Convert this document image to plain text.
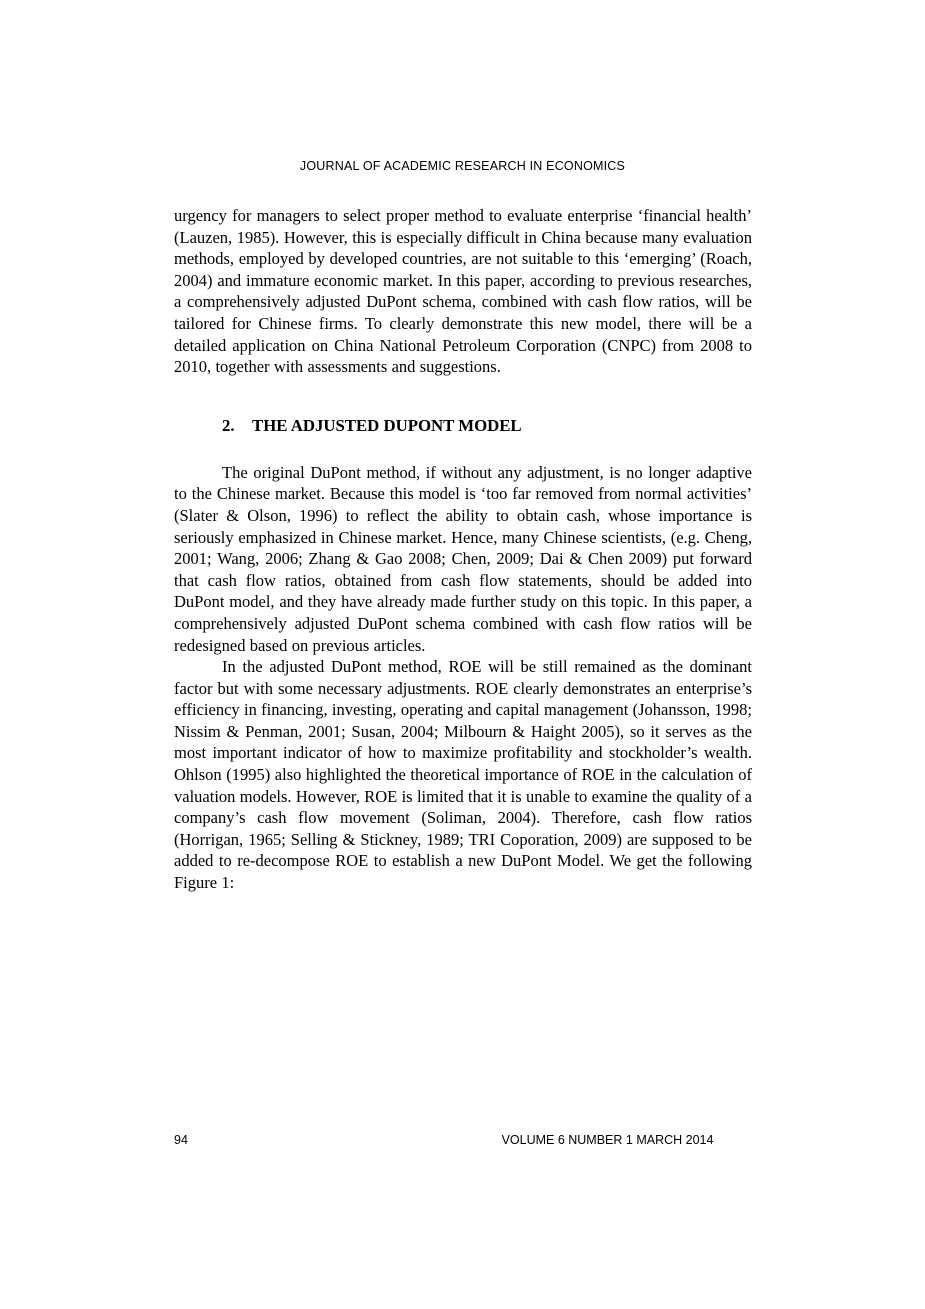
JOURNAL OF ACADEMIC RESEARCH IN ECONOMICS

urgency for managers to select proper method to evaluate enterprise ‘financial health’ (Lauzen, 1985). However, this is especially difficult in China because many evaluation methods, employed by developed countries, are not suitable to this ‘emerging’ (Roach, 2004) and immature economic market. In this paper, according to previous researches, a comprehensively adjusted DuPont schema, combined with cash flow ratios, will be tailored for Chinese firms. To clearly demonstrate this new model, there will be a detailed application on China National Petroleum Corporation (CNPC) from 2008 to 2010, together with assessments and suggestions.

2. THE ADJUSTED DUPONT MODEL

The original DuPont method, if without any adjustment, is no longer adaptive to the Chinese market. Because this model is ‘too far removed from normal activities’ (Slater & Olson, 1996) to reflect the ability to obtain cash, whose importance is seriously emphasized in Chinese market. Hence, many Chinese scientists, (e.g. Cheng, 2001; Wang, 2006; Zhang & Gao 2008; Chen, 2009; Dai & Chen 2009) put forward that cash flow ratios, obtained from cash flow statements, should be added into DuPont model, and they have already made further study on this topic. In this paper, a comprehensively adjusted DuPont schema combined with cash flow ratios will be redesigned based on previous articles.

In the adjusted DuPont method, ROE will be still remained as the dominant factor but with some necessary adjustments. ROE clearly demonstrates an enterprise’s efficiency in financing, investing, operating and capital management (Johansson, 1998; Nissim & Penman, 2001; Susan, 2004; Milbourn & Haight 2005), so it serves as the most important indicator of how to maximize profitability and stockholder’s wealth. Ohlson (1995) also highlighted the theoretical importance of ROE in the calculation of valuation models. However, ROE is limited that it is unable to examine the quality of a company’s cash flow movement (Soliman, 2004). Therefore, cash flow ratios (Horrigan, 1965; Selling & Stickney, 1989; TRI Coporation, 2009) are supposed to be added to re-decompose ROE to establish a new DuPont Model. We get the following Figure 1:

94	VOLUME 6 NUMBER 1 MARCH 2014
